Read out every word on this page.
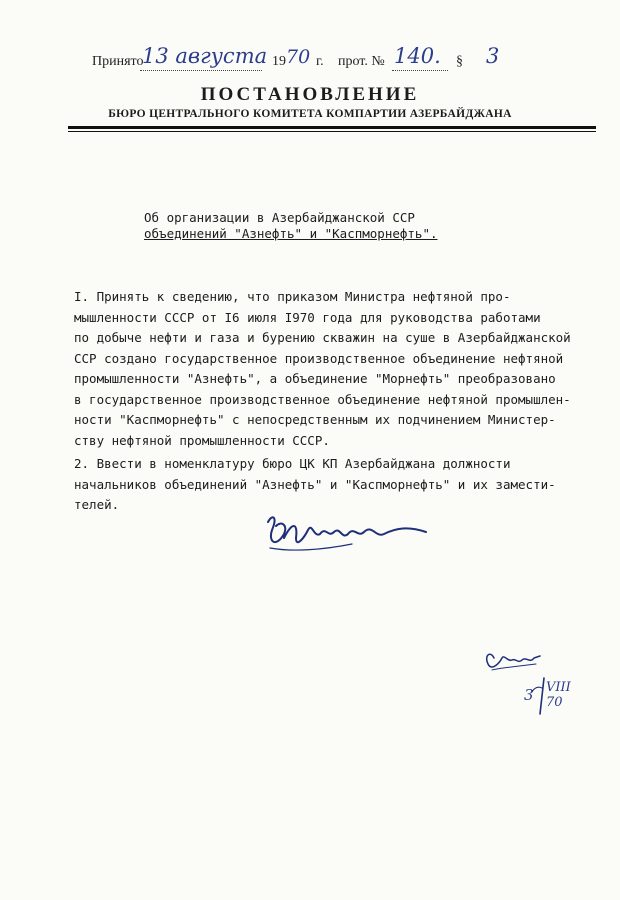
Принято
13 августа 19 70 г. прот. № 140. § 3
ПОСТАНОВЛЕНИЕ
БЮРО ЦЕНТРАЛЬНОГО КОМИТЕТА КОМПАРТИИ АЗЕРБАЙДЖАНА
Об организации в Азербайджанской ССР
объединений "Азнефть" и "Каспморнефть".
I. Принять к сведению, что приказом Министра нефтяной про-
мышленности СССР от I6 июля I970 года для руководства работами
по добыче нефти и газа и бурению скважин на суше в Азербайджанской
ССР создано государственное производственное объединение нефтяной
промышленности "Азнефть", а объединение "Морнефть" преобразовано
в государственное производственное объединение нефтяной промышлен-
ности "Каспморнефть" с непосредственным их подчинением Министер-
ству нефтяной промышленности СССР.
2. Ввести в номенклатуру бюро ЦК КП Азербайджана должности
начальников объединений "Азнефть" и "Каспморнефть" и их замести-
телей.
3 VIII 70
